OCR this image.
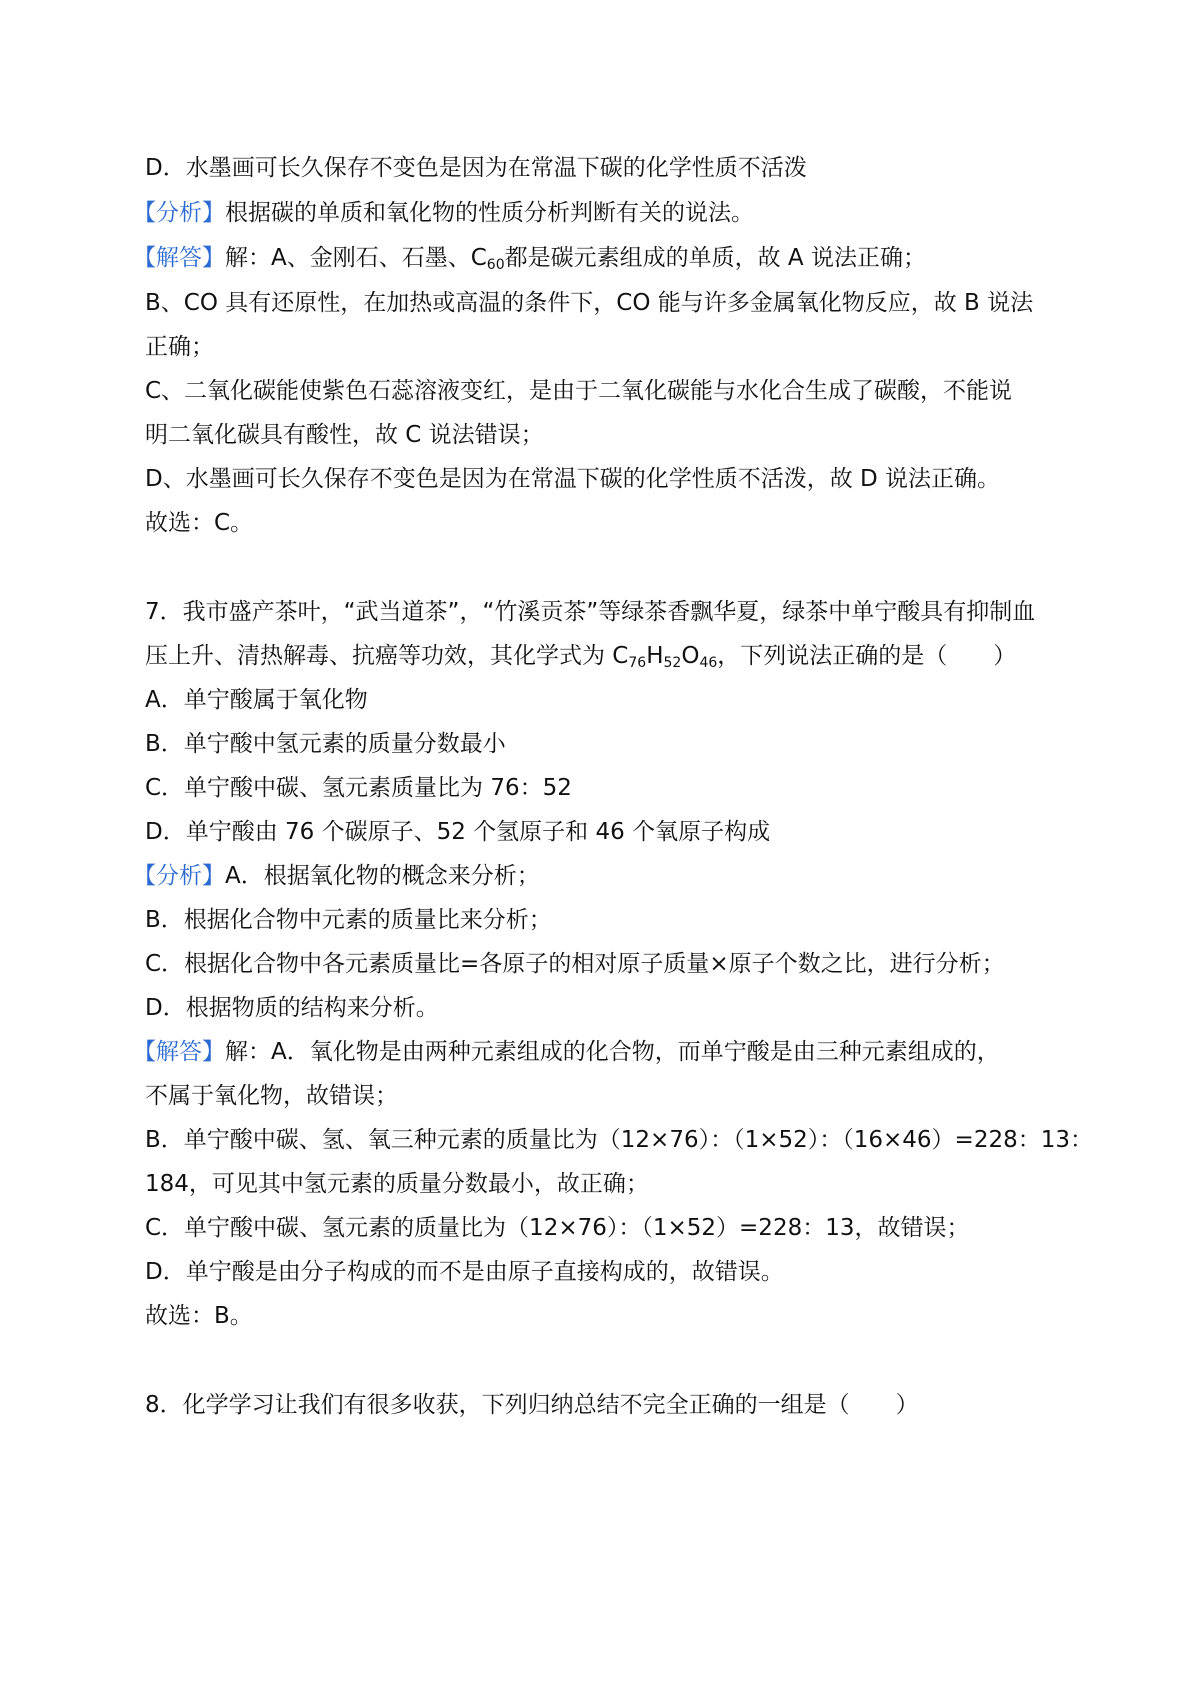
D．水墨画可长久保存不变色是因为在常温下碳的化学性质不活泼
【分析】根据碳的单质和氧化物的性质分析判断有关的说法。
【解答】解：A、金刚石、石墨、$C_{60}$都是碳元素组成的单质，故 A 说法正确；
B、CO 具有还原性，在加热或高温的条件下，CO 能与许多金属氧化物反应，故 B 说法
正确；
C、二氧化碳能使紫色石蕊溶液变红，是由于二氧化碳能与水化合生成了碳酸，不能说
明二氧化碳具有酸性，故 C 说法错误；
D、水墨画可长久保存不变色是因为在常温下碳的化学性质不活泼，故 D 说法正确。
故选：C。
7．我市盛产茶叶，“武当道茶”，“竹溪贡茶”等绿茶香飘华夏，绿茶中单宁酸具有抑制血
压上升、清热解毒、抗癌等功效，其化学式为 $C_{76}H_{52}O_{46}$，下列说法正确的是（　　）
A．单宁酸属于氧化物
B．单宁酸中氢元素的质量分数最小
C．单宁酸中碳、氢元素质量比为 76：52
D．单宁酸由 76 个碳原子、52 个氢原子和 46 个氧原子构成
【分析】A．根据氧化物的概念来分析；
B．根据化合物中元素的质量比来分析；
C．根据化合物中各元素质量比=各原子的相对原子质量×原子个数之比，进行分析；
D．根据物质的结构来分析。
【解答】解：A．氧化物是由两种元素组成的化合物，而单宁酸是由三种元素组成的，
不属于氧化物，故错误；
B．单宁酸中碳、氢、氧三种元素的质量比为（12×76）：（1×52）：（16×46）=228：13：
184，可见其中氢元素的质量分数最小，故正确；
C．单宁酸中碳、氢元素的质量比为（12×76）：（1×52）=228：13，故错误；
D．单宁酸是由分子构成的而不是由原子直接构成的，故错误。
故选：B。
8．化学学习让我们有很多收获，下列归纳总结不完全正确的一组是（　　）
